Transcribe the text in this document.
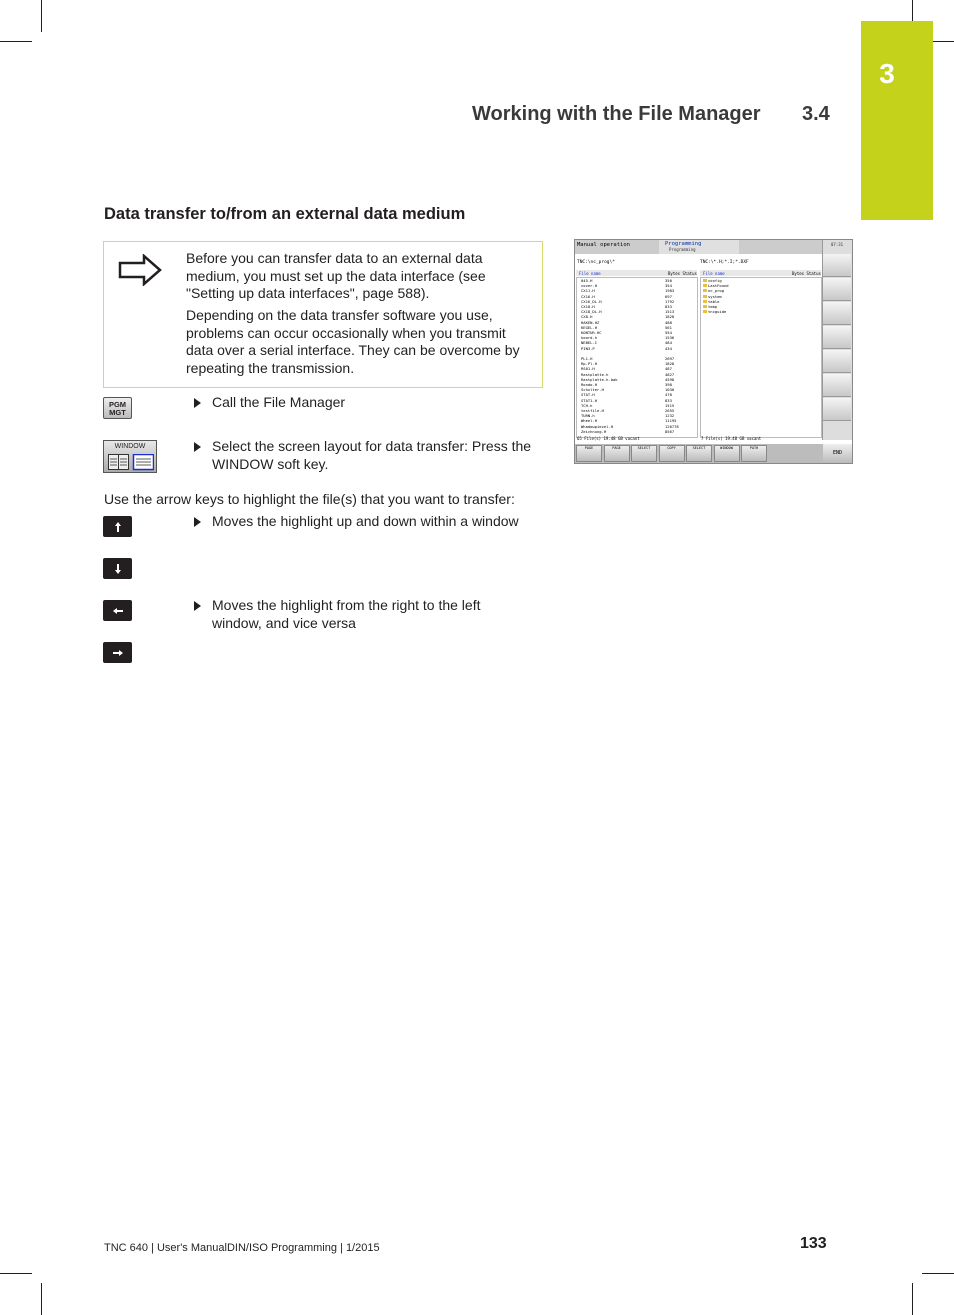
3
Working with the File Manager 3.4
Data transfer to/from an external data medium
Before you can transfer data to an external data medium, you must set up the data interface (see "Setting up data interfaces", page 588).
Depending on the data transfer software you use, problems can occur occasionally when you transmit data over a serial interface. They can be overcome by repeating the transmission.
PGM MGT
Call the File Manager
WINDOW	Select the screen layout for data transfer: Press the WINDOW soft key.
Use the arrow keys to highlight the file(s) that you want to transfer:
Moves the highlight up and down within a window
Moves the highlight from the right to the left window, and vice versa
Manual operation	Programming
Programming
07:31
TNC:\nc_prog\*	TNC:\*.H;*.I;*.DXF
File name	Bytes Status File name	Bytes Status
045.H	350
cover.H	354
CX11.H	1983
CX16.H	697
CX16_DL.H	1792
CX18.H	833
CX18_DL.H	1513
CX8.H	1828
HAKEN.HZ	488
KEGEL.H	561
KONTUR.HC	554
koord.h	1536
NEBEL.I	484
PIN3.P	434
PL1.H	152
PL1.H	2697
Rp-Pl.H	1828
RS01.H	487
Rastplatte.h	4827
Rastplatte.h.bak	4598
Rondo.H	398
Schulter.H	1030
STAT.H	478
STAT1.H	833
TCH.h	1515
testfile.H	2655
TURN.h	1232
Wheel.H	11195
Whadowpiezel.H	120778
Zeichnung.H	8567
config
LastFound
nc_prog
system
table
temp
tncguide
65 File(s) 19.48 GB vacant	7 File(s) 19.48 GB vacant
PAGE	PAGE	SELECT	COPY	SELECT	WINDOW	PATH
END
TNC 640 | User's ManualDIN/ISO Programming | 1/2015	133
